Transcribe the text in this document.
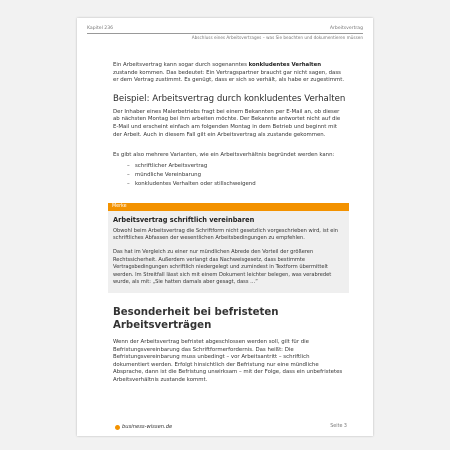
Kapitel 236	Arbeitsvertrag
Abschluss eines Arbeitsvertrages – was Sie beachten und dokumentieren müssen

Ein Arbeitsvertrag kann sogar durch sogenanntes konkludentes Verhalten zustande kommen. Das bedeutet: Ein Vertragspartner braucht gar nicht sagen, dass er dem Vertrag zustimmt. Es genügt, dass er sich so verhält, als habe er zugestimmt.

Beispiel: Arbeitsvertrag durch konkludentes Verhalten

Der Inhaber eines Malerbetriebs fragt bei einem Bekannten per E-Mail an, ob dieser ab nächsten Montag bei ihm arbeiten möchte. Der Bekannte antwortet nicht auf die E-Mail und erscheint einfach am folgenden Montag in dem Betrieb und beginnt mit der Arbeit. Auch in diesem Fall gilt ein Arbeitsvertrag als zustande gekommen.

Es gibt also mehrere Varianten, wie ein Arbeitsverhältnis begründet werden kann:

– schriftlicher Arbeitsvertrag
– mündliche Vereinbarung
– konkludentes Verhalten oder stillschweigend
Merke
Arbeitsvertrag schriftlich vereinbaren

Obwohl beim Arbeitsvertrag die Schriftform nicht gesetzlich vorgeschrieben wird, ist ein schriftliches Abfassen der wesentlichen Arbeitsbedingungen zu empfehlen.

Das hat im Vergleich zu einer nur mündlichen Abrede den Vorteil der größeren Rechtssicherheit. Außerdem verlangt das Nachweisgesetz, dass bestimmte Vertragsbedingungen schriftlich niedergelegt und zumindest in Textform übermittelt werden. Im Streitfall lässt sich mit einem Dokument leichter belegen, was verabredet wurde, als mit: „Sie hatten damals aber gesagt, dass …“

Besonderheit bei befristeten Arbeitsverträgen

Wenn der Arbeitsvertrag befristet abgeschlossen werden soll, gilt für die Befristungsvereinbarung das Schriftformerfordernis. Das heißt: Die Befristungsvereinbarung muss unbedingt – vor Arbeitsantritt – schriftlich dokumentiert werden. Erfolgt hinsichtlich der Befristung nur eine mündliche Absprache, dann ist die Befristung unwirksam – mit der Folge, dass ein unbefristetes Arbeitsverhältnis zustande kommt.

business-wissen.de	Seite 3
